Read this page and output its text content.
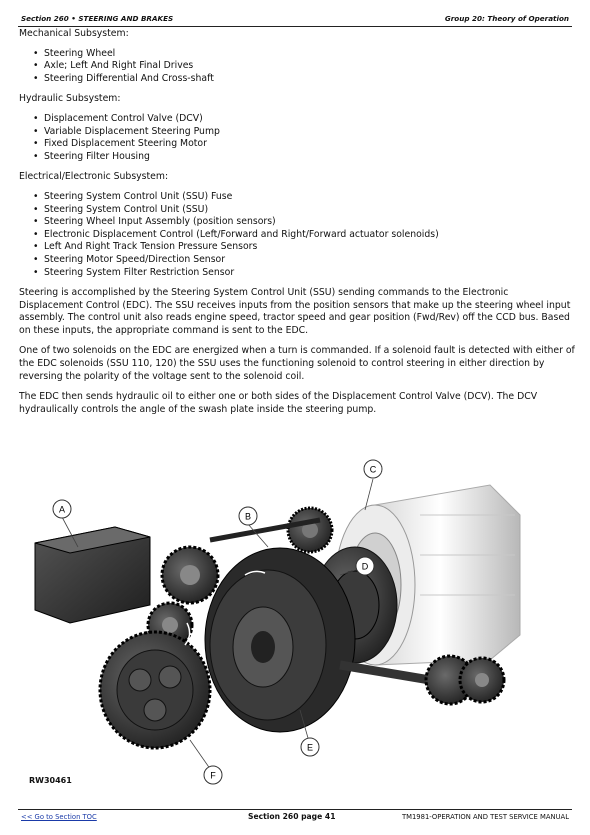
Section 260 • STEERING AND BRAKES	Group 20: Theory of Operation
Mechanical Subsystem:
• Steering Wheel
• Axle; Left And Right Final Drives
• Steering Differential And Cross-shaft
Hydraulic Subsystem:
• Displacement Control Valve (DCV)
• Variable Displacement Steering Pump
• Fixed Displacement Steering Motor
• Steering Filter Housing
Electrical/Electronic Subsystem:
• Steering System Control Unit (SSU) Fuse
• Steering System Control Unit (SSU)
• Steering Wheel Input Assembly (position sensors)
• Electronic Displacement Control (Left/Forward and Right/Forward actuator solenoids)
• Left And Right Track Tension Pressure Sensors
• Steering Motor Speed/Direction Sensor
• Steering System Filter Restriction Sensor

Steering is accomplished by the Steering System Control Unit (SSU) sending commands to the Electronic Displacement Control (EDC). The SSU receives inputs from the position sensors that make up the steering wheel input assembly. The control unit also reads engine speed, tractor speed and gear position (Fwd/Rev) off the CCD bus. Based on these inputs, the appropriate command is sent to the EDC.

One of two solenoids on the EDC are energized when a turn is commanded. If a solenoid fault is detected with either of the EDC solenoids (SSU 110, 120) the SSU uses the functioning solenoid to control steering in either direction by reversing the polarity of the voltage sent to the solenoid coil.

The EDC then sends hydraulic oil to either one or both sides of the Displacement Control Valve (DCV). The DCV hydraulically controls the angle of the swash plate inside the steering pump.

A
B
C
D
E
F
RW30461
<< Go to Section TOC	Section 260 page 41	TM1981-OPERATION AND TEST SERVICE MANUAL
